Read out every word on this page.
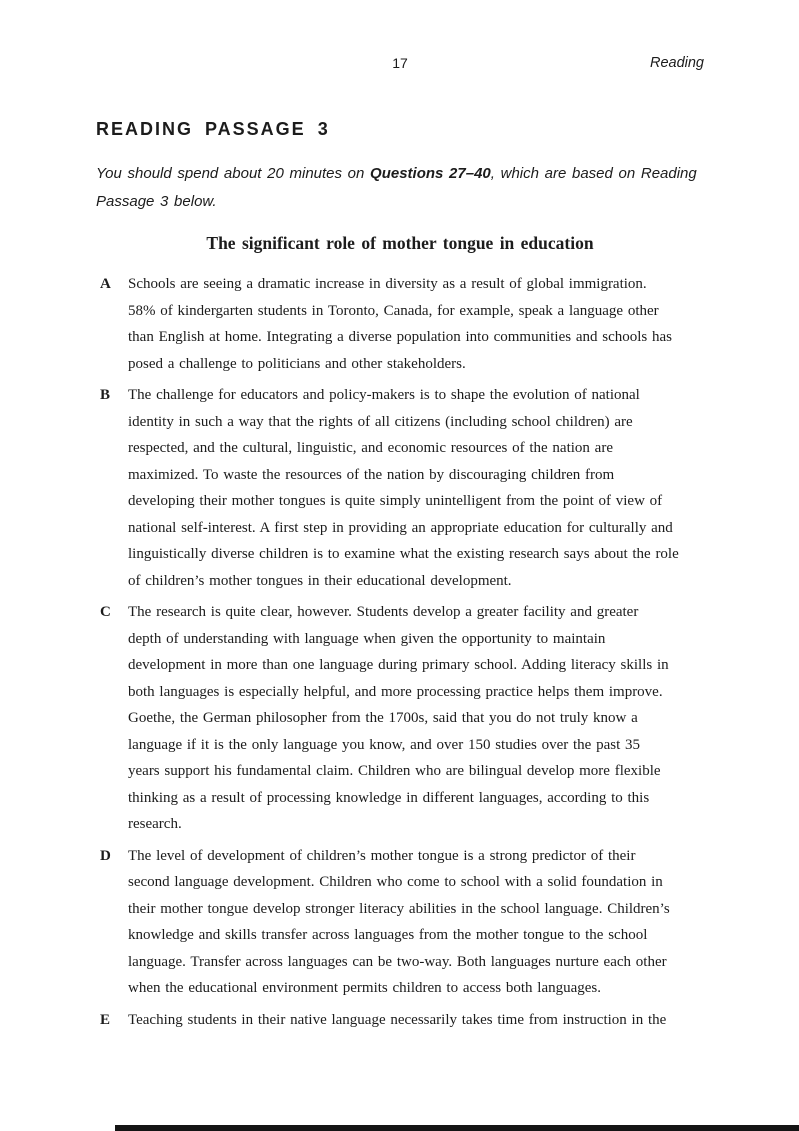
17	Reading
READING PASSAGE 3
You should spend about 20 minutes on Questions 27–40, which are based on Reading
Passage 3 below.
The significant role of mother tongue in education
A	Schools are seeing a dramatic increase in diversity as a result of global immigration.
58% of kindergarten students in Toronto, Canada, for example, speak a language other
than English at home. Integrating a diverse population into communities and schools has
posed a challenge to politicians and other stakeholders.
B	The challenge for educators and policy-makers is to shape the evolution of national
identity in such a way that the rights of all citizens (including school children) are
respected, and the cultural, linguistic, and economic resources of the nation are
maximized. To waste the resources of the nation by discouraging children from
developing their mother tongues is quite simply unintelligent from the point of view of
national self-interest. A first step in providing an appropriate education for culturally and
linguistically diverse children is to examine what the existing research says about the role
of children’s mother tongues in their educational development.
C	The research is quite clear, however. Students develop a greater facility and greater
depth of understanding with language when given the opportunity to maintain
development in more than one language during primary school. Adding literacy skills in
both languages is especially helpful, and more processing practice helps them improve.
Goethe, the German philosopher from the 1700s, said that you do not truly know a
language if it is the only language you know, and over 150 studies over the past 35
years support his fundamental claim. Children who are bilingual develop more flexible
thinking as a result of processing knowledge in different languages, according to this
research.
D	The level of development of children’s mother tongue is a strong predictor of their
second language development. Children who come to school with a solid foundation in
their mother tongue develop stronger literacy abilities in the school language. Children’s
knowledge and skills transfer across languages from the mother tongue to the school
language. Transfer across languages can be two-way. Both languages nurture each other
when the educational environment permits children to access both languages.
E	Teaching students in their native language necessarily takes time from instruction in the
